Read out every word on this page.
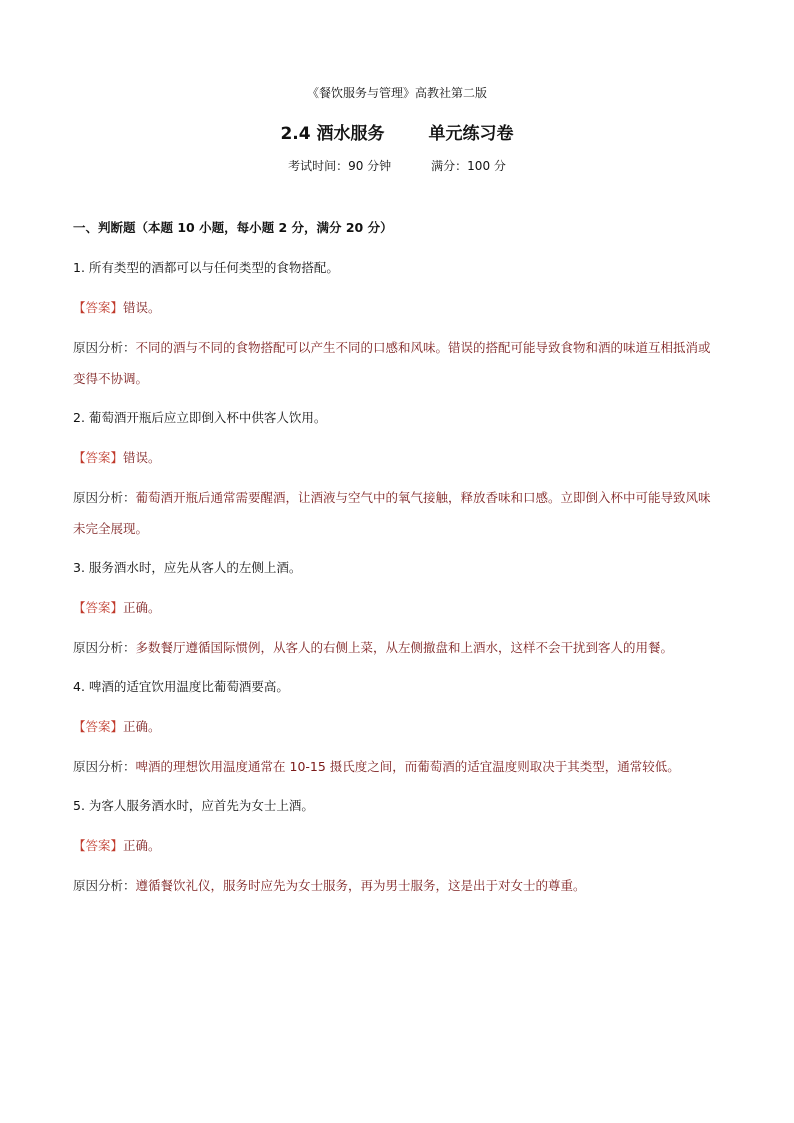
《餐饮服务与管理》高教社第二版
2.4 酒水服务	单元练习卷
考试时间：90 分钟	满分：100 分
一、判断题（本题 10 小题，每小题 2 分，满分 20 分）
1. 所有类型的酒都可以与任何类型的食物搭配。
【答案】错误。
原因分析：不同的酒与不同的食物搭配可以产生不同的口感和风味。错误的搭配可能导致食物和酒的味道互相抵消或变得不协调。
2. 葡萄酒开瓶后应立即倒入杯中供客人饮用。
【答案】错误。
原因分析：葡萄酒开瓶后通常需要醒酒，让酒液与空气中的氧气接触，释放香味和口感。立即倒入杯中可能导致风味未完全展现。
3. 服务酒水时，应先从客人的左侧上酒。
【答案】正确。
原因分析：多数餐厅遵循国际惯例，从客人的右侧上菜，从左侧撤盘和上酒水，这样不会干扰到客人的用餐。
4. 啤酒的适宜饮用温度比葡萄酒要高。
【答案】正确。
原因分析：啤酒的理想饮用温度通常在 10-15 摄氏度之间，而葡萄酒的适宜温度则取决于其类型，通常较低。
5. 为客人服务酒水时，应首先为女士上酒。
【答案】正确。
原因分析：遵循餐饮礼仪，服务时应先为女士服务，再为男士服务，这是出于对女士的尊重。
